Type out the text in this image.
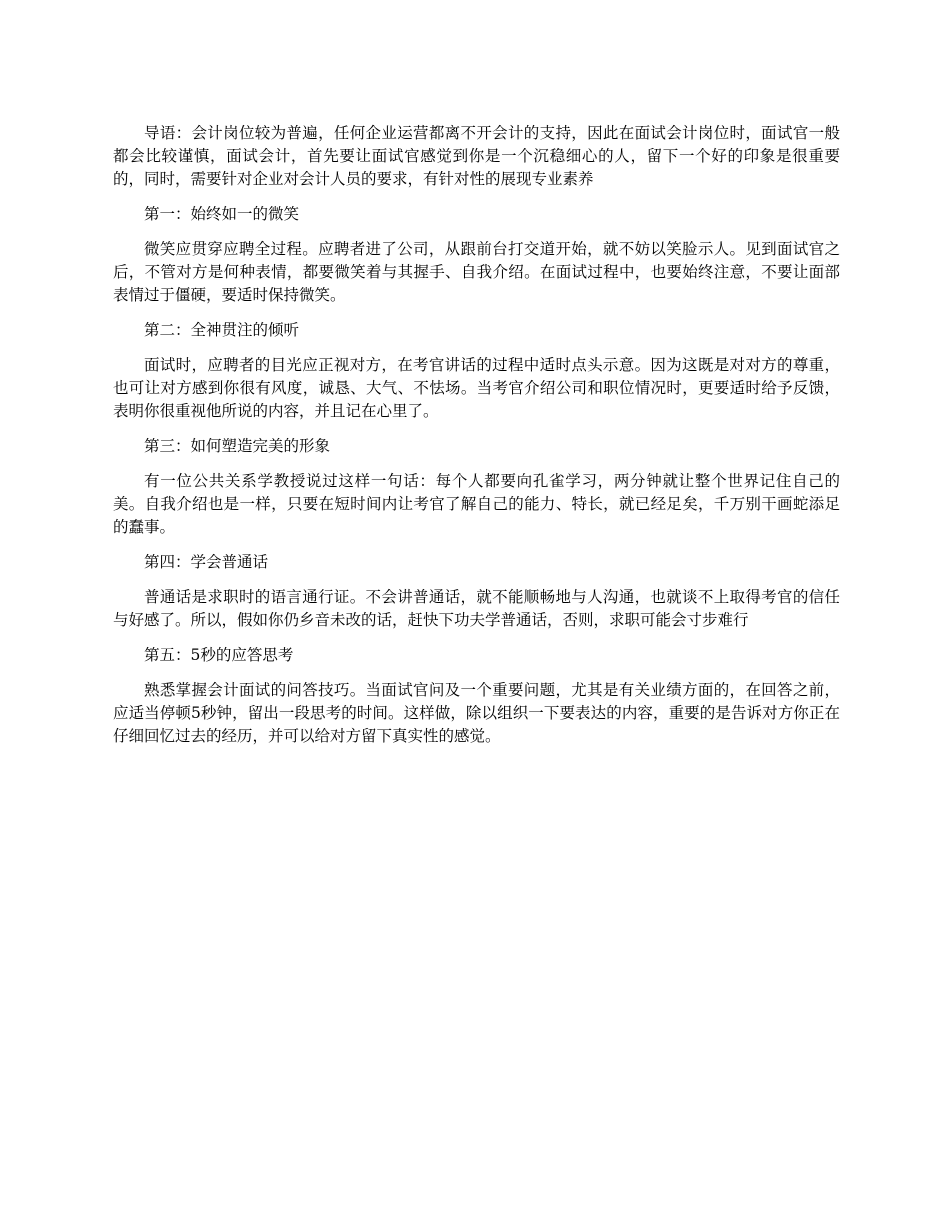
导语：会计岗位较为普遍，任何企业运营都离不开会计的支持，因此在面试会计岗位时，面试官一般都会比较谨慎，面试会计，首先要让面试官感觉到你是一个沉稳细心的人，留下一个好的印象是很重要的，同时，需要针对企业对会计人员的要求，有针对性的展现专业素养

第一：始终如一的微笑

微笑应贯穿应聘全过程。应聘者进了公司，从跟前台打交道开始，就不妨以笑脸示人。见到面试官之后，不管对方是何种表情，都要微笑着与其握手、自我介绍。在面试过程中，也要始终注意，不要让面部表情过于僵硬，要适时保持微笑。

第二：全神贯注的倾听

面试时，应聘者的目光应正视对方，在考官讲话的过程中适时点头示意。因为这既是对对方的尊重，也可让对方感到你很有风度，诚恳、大气、不怯场。当考官介绍公司和职位情况时，更要适时给予反馈，表明你很重视他所说的内容，并且记在心里了。

第三：如何塑造完美的形象

有一位公共关系学教授说过这样一句话：每个人都要向孔雀学习，两分钟就让整个世界记住自己的美。自我介绍也是一样，只要在短时间内让考官了解自己的能力、特长，就已经足矣，千万别干画蛇添足的蠢事。

第四：学会普通话

普通话是求职时的语言通行证。不会讲普通话，就不能顺畅地与人沟通，也就谈不上取得考官的信任与好感了。所以，假如你仍乡音未改的话，赶快下功夫学普通话，否则，求职可能会寸步难行

第五：5秒的应答思考

熟悉掌握会计面试的问答技巧。当面试官问及一个重要问题，尤其是有关业绩方面的，在回答之前，应适当停顿5秒钟，留出一段思考的时间。这样做，除以组织一下要表达的内容，重要的是告诉对方你正在仔细回忆过去的经历，并可以给对方留下真实性的感觉。
